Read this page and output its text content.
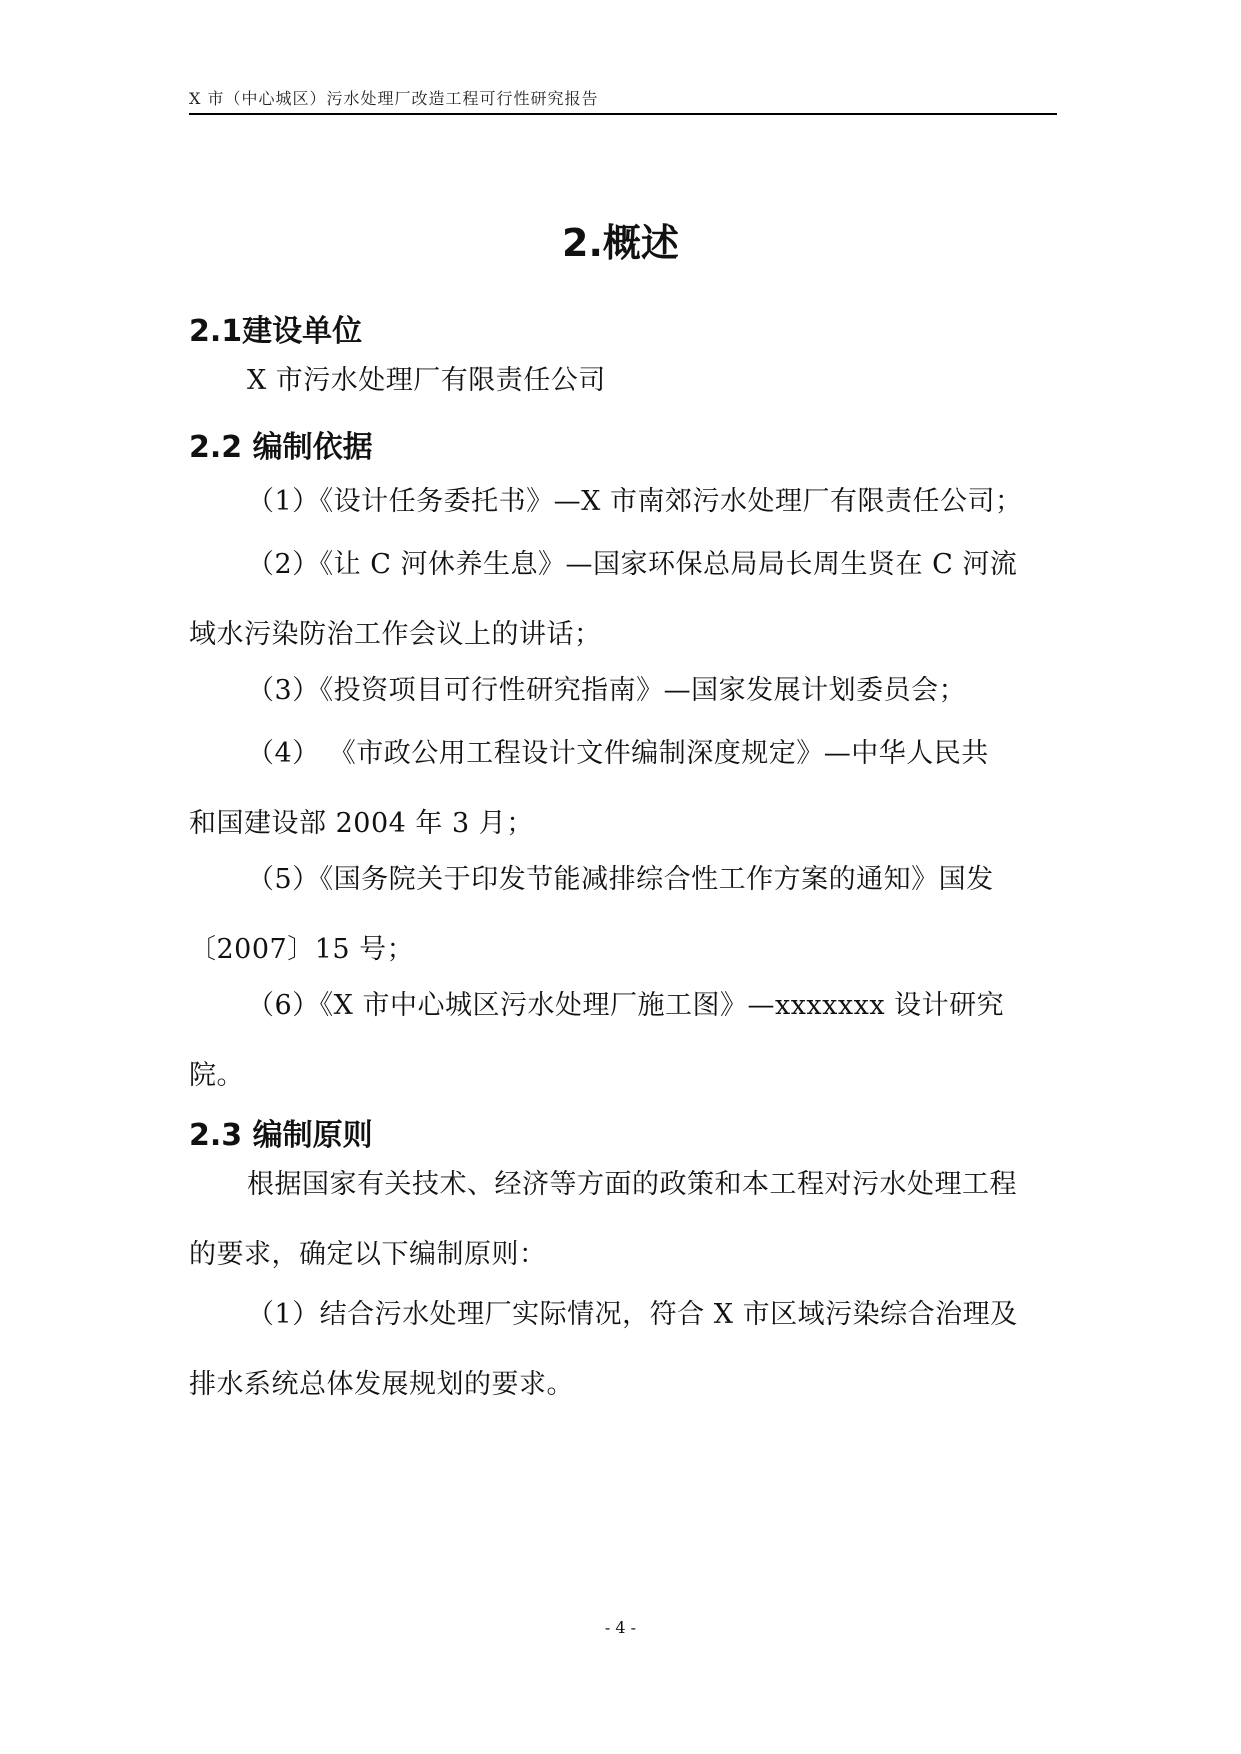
X 市（中心城区）污水处理厂改造工程可行性研究报告
2.概述
2.1建设单位
X 市污水处理厂有限责任公司
2.2 编制依据
（1）《设计任务委托书》—X 市南郊污水处理厂有限责任公司；
（2）《让 C 河休养生息》—国家环保总局局长周生贤在 C 河流
域水污染防治工作会议上的讲话；
（3）《投资项目可行性研究指南》—国家发展计划委员会；
（4） 《市政公用工程设计文件编制深度规定》—中华人民共
和国建设部 2004 年 3 月；
（5）《国务院关于印发节能减排综合性工作方案的通知》国发
〔2007〕15 号；
（6）《X 市中心城区污水处理厂施工图》—xxxxxxx 设计研究
院。
2.3 编制原则
根据国家有关技术、经济等方面的政策和本工程对污水处理工程
的要求，确定以下编制原则：
（1）结合污水处理厂实际情况，符合 X 市区域污染综合治理及
排水系统总体发展规划的要求。
- 4 -
